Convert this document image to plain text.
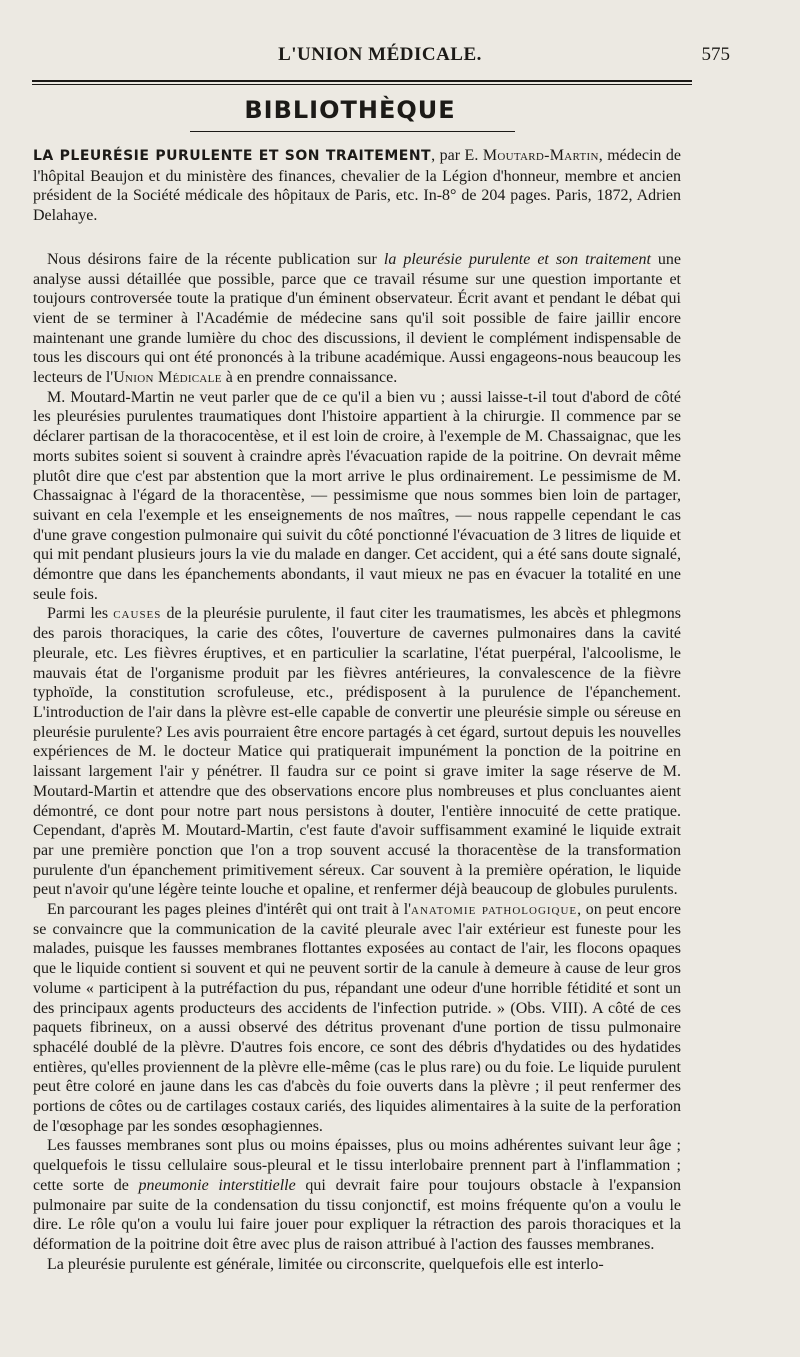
L'UNION MÉDICALE.	575
BIBLIOTHÈQUE

LA PLEURÉSIE PURULENTE ET SON TRAITEMENT, par E. Moutard-Martin, médecin de l'hôpital Beaujon et du ministère des finances, chevalier de la Légion d'honneur, membre et ancien président de la Société médicale des hôpitaux de Paris, etc. In-8° de 204 pages. Paris, 1872, Adrien Delahaye.

Nous désirons faire de la récente publication sur la pleurésie purulente et son traitement une analyse aussi détaillée que possible, parce que ce travail résume sur une question importante et toujours controversée toute la pratique d'un éminent observateur. Écrit avant et pendant le débat qui vient de se terminer à l'Académie de médecine sans qu'il soit possible de faire jaillir encore maintenant une grande lumière du choc des discussions, il devient le complément indispensable de tous les discours qui ont été prononcés à la tribune académique. Aussi engageons-nous beaucoup les lecteurs de l'Union Médicale à en prendre connaissance.

M. Moutard-Martin ne veut parler que de ce qu'il a bien vu ; aussi laisse-t-il tout d'abord de côté les pleurésies purulentes traumatiques dont l'histoire appartient à la chirurgie. Il commence par se déclarer partisan de la thoracocentèse, et il est loin de croire, à l'exemple de M. Chassaignac, que les morts subites soient si souvent à craindre après l'évacuation rapide de la poitrine. On devrait même plutôt dire que c'est par abstention que la mort arrive le plus ordinairement. Le pessimisme de M. Chassaignac à l'égard de la thoracentèse, — pessimisme que nous sommes bien loin de partager, suivant en cela l'exemple et les enseignements de nos maîtres, — nous rappelle cependant le cas d'une grave congestion pulmonaire qui suivit du côté ponctionné l'évacuation de 3 litres de liquide et qui mit pendant plusieurs jours la vie du malade en danger. Cet accident, qui a été sans doute signalé, démontre que dans les épanchements abondants, il vaut mieux ne pas en évacuer la totalité en une seule fois.

Parmi les causes de la pleurésie purulente, il faut citer les traumatismes, les abcès et phlegmons des parois thoraciques, la carie des côtes, l'ouverture de cavernes pulmonaires dans la cavité pleurale, etc. Les fièvres éruptives, et en particulier la scarlatine, l'état puerpéral, l'alcoolisme, le mauvais état de l'organisme produit par les fièvres antérieures, la convalescence de la fièvre typhoïde, la constitution scrofuleuse, etc., prédisposent à la purulence de l'épanchement. L'introduction de l'air dans la plèvre est-elle capable de convertir une pleurésie simple ou séreuse en pleurésie purulente? Les avis pourraient être encore partagés à cet égard, surtout depuis les nouvelles expériences de M. le docteur Matice qui pratiquerait impunément la ponction de la poitrine en laissant largement l'air y pénétrer. Il faudra sur ce point si grave imiter la sage réserve de M. Moutard-Martin et attendre que des observations encore plus nombreuses et plus concluantes aient démontré, ce dont pour notre part nous persistons à douter, l'entière innocuité de cette pratique. Cependant, d'après M. Moutard-Martin, c'est faute d'avoir suffisamment examiné le liquide extrait par une première ponction que l'on a trop souvent accusé la thoracentèse de la transformation purulente d'un épanchement primitivement séreux. Car souvent à la première opération, le liquide peut n'avoir qu'une légère teinte louche et opaline, et renfermer déjà beaucoup de globules purulents.

En parcourant les pages pleines d'intérêt qui ont trait à l'anatomie pathologique, on peut encore se convaincre que la communication de la cavité pleurale avec l'air extérieur est funeste pour les malades, puisque les fausses membranes flottantes exposées au contact de l'air, les flocons opaques que le liquide contient si souvent et qui ne peuvent sortir de la canule à demeure à cause de leur gros volume « participent à la putréfaction du pus, répandant une odeur d'une horrible fétidité et sont un des principaux agents producteurs des accidents de l'infection putride. » (Obs. VIII). A côté de ces paquets fibrineux, on a aussi observé des détritus provenant d'une portion de tissu pulmonaire sphacélé doublé de la plèvre. D'autres fois encore, ce sont des débris d'hydatides ou des hydatides entières, qu'elles proviennent de la plèvre elle-même (cas le plus rare) ou du foie. Le liquide purulent peut être coloré en jaune dans les cas d'abcès du foie ouverts dans la plèvre ; il peut renfermer des portions de côtes ou de cartilages costaux cariés, des liquides alimentaires à la suite de la perforation de l'œsophage par les sondes œsophagiennes.

Les fausses membranes sont plus ou moins épaisses, plus ou moins adhérentes suivant leur âge ; quelquefois le tissu cellulaire sous-pleural et le tissu interlobaire prennent part à l'inflammation ; cette sorte de pneumonie interstitielle qui devrait faire pour toujours obstacle à l'expansion pulmonaire par suite de la condensation du tissu conjonctif, est moins fréquente qu'on a voulu le dire. Le rôle qu'on a voulu lui faire jouer pour expliquer la rétraction des parois thoraciques et la déformation de la poitrine doit être avec plus de raison attribué à l'action des fausses membranes.

La pleurésie purulente est générale, limitée ou circonscrite, quelquefois elle est interlo-
